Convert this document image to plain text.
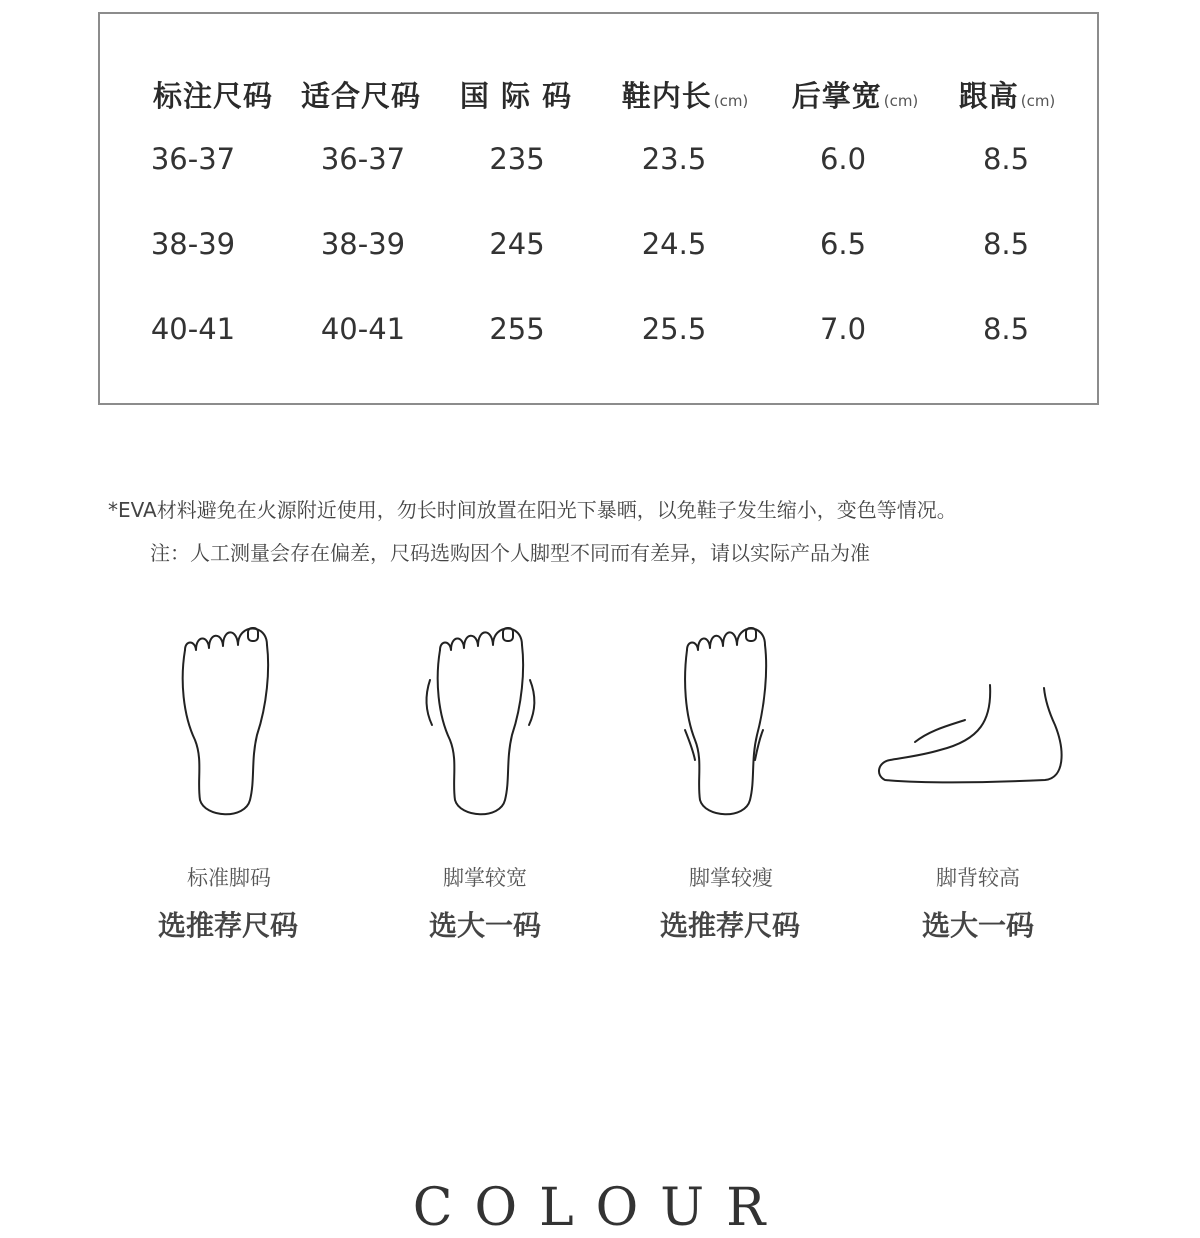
标注尺码 适合尺码 国 际 码 鞋内长 (cm) 后掌宽 (cm) 跟高 (cm)
36-37	36-37	235	23.5	6.0	8.5
38-39	38-39	245	24.5	6.5	8.5
40-41	40-41	255	25.5	7.0	8.5
*EVA材料避免在火源附近使用，勿长时间放置在阳光下暴晒，以免鞋子发生缩小，变色等情况。
注：人工测量会存在偏差，尺码选购因个人脚型不同而有差异，请以实际产品为准
标准脚码
选推荐尺码
脚掌较宽
选大一码
脚掌较瘦
选推荐尺码
脚背较高
选大一码
COLOUR
